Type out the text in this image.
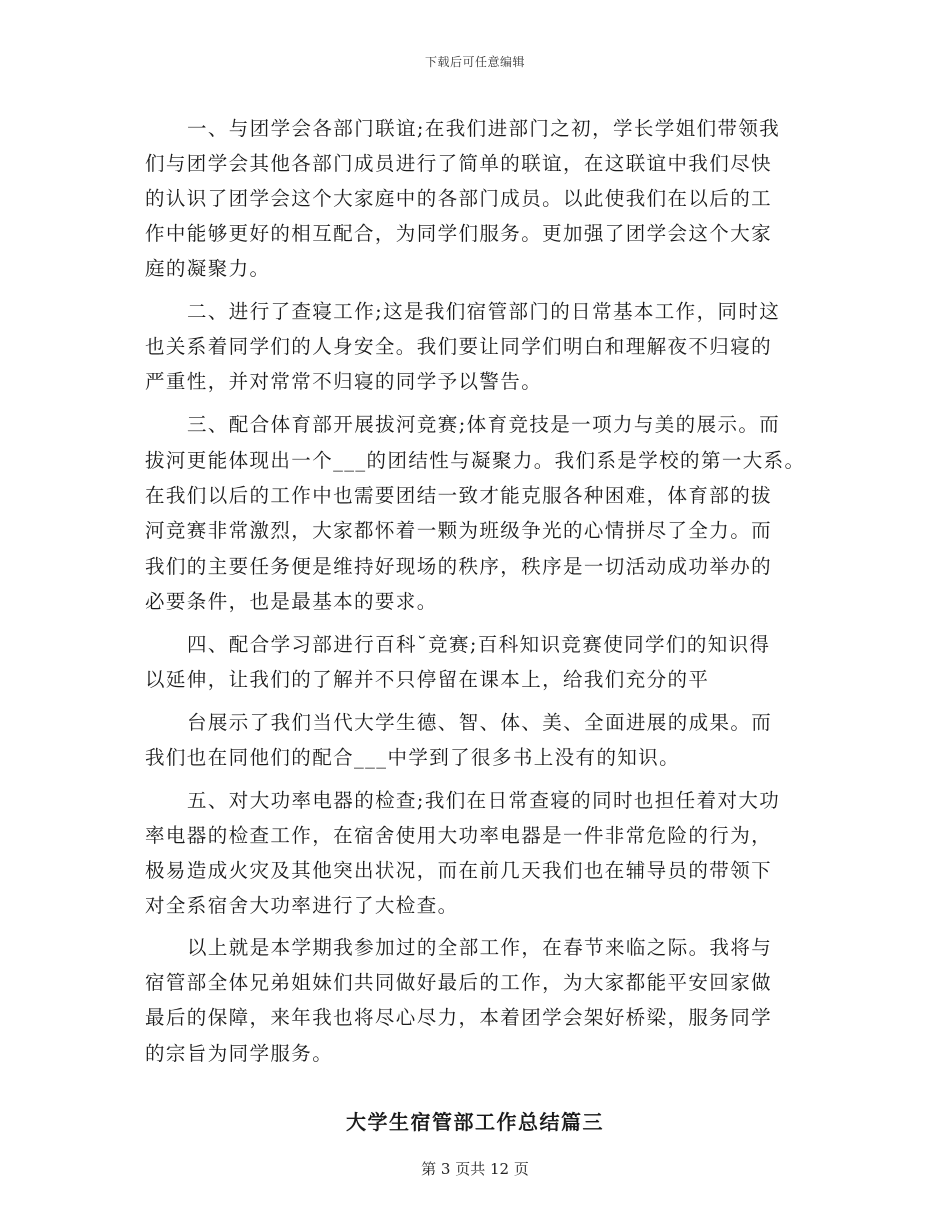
下载后可任意编辑
一、与团学会各部门联谊;在我们进部门之初，学长学姐们带领我
们与团学会其他各部门成员进行了简单的联谊，在这联谊中我们尽快
的认识了团学会这个大家庭中的各部门成员。以此使我们在以后的工
作中能够更好的相互配合，为同学们服务。更加强了团学会这个大家
庭的凝聚力。
二、进行了查寝工作;这是我们宿管部门的日常基本工作，同时这
也关系着同学们的人身安全。我们要让同学们明白和理解夜不归寝的
严重性，并对常常不归寝的同学予以警告。
三、配合体育部开展拔河竞赛;体育竞技是一项力与美的展示。而
拔河更能体现出一个___的团结性与凝聚力。我们系是学校的第一大系。
在我们以后的工作中也需要团结一致才能克服各种困难，体育部的拔
河竞赛非常激烈，大家都怀着一颗为班级争光的心情拼尽了全力。而
我们的主要任务便是维持好现场的秩序，秩序是一切活动成功举办的
必要条件，也是最基本的要求。
四、配合学习部进行百科˘竞赛;百科知识竞赛使同学们的知识得
以延伸，让我们的了解并不只停留在课本上，给我们充分的平
台展示了我们当代大学生德、智、体、美、全面进展的成果。而
我们也在同他们的配合___中学到了很多书上没有的知识。
五、对大功率电器的检查;我们在日常查寝的同时也担任着对大功
率电器的检查工作，在宿舍使用大功率电器是一件非常危险的行为，
极易造成火灾及其他突出状况，而在前几天我们也在辅导员的带领下
对全系宿舍大功率进行了大检查。
以上就是本学期我参加过的全部工作，在春节来临之际。我将与
宿管部全体兄弟姐妹们共同做好最后的工作，为大家都能平安回家做
最后的保障，来年我也将尽心尽力，本着团学会架好桥梁，服务同学
的宗旨为同学服务。
大学生宿管部工作总结篇三
第 3 页共 12 页
